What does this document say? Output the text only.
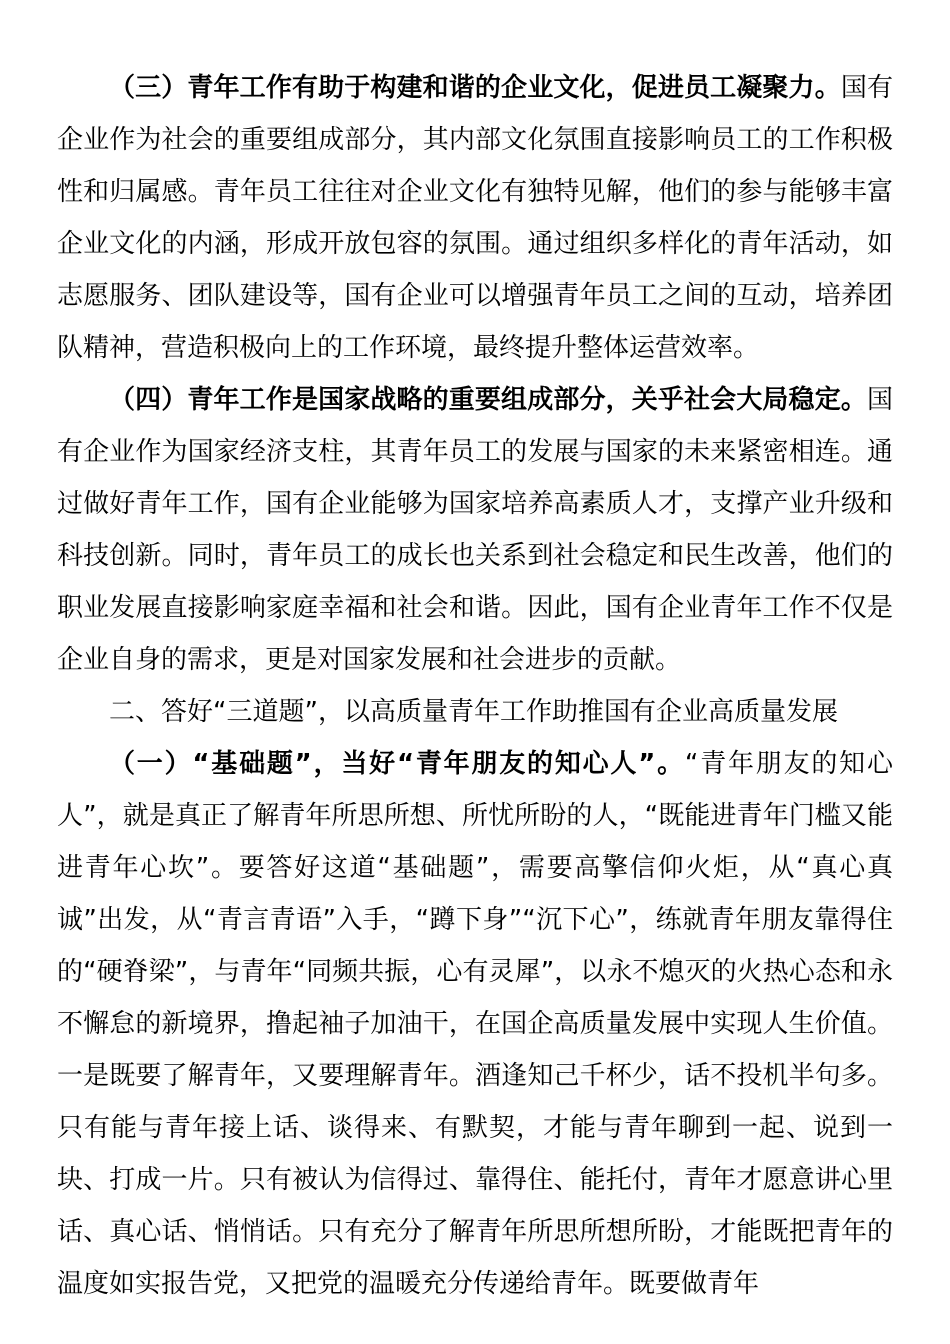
（三）青年工作有助于构建和谐的企业文化，促进员工凝聚力。国有企业作为社会的重要组成部分，其内部文化氛围直接影响员工的工作积极性和归属感。青年员工往往对企业文化有独特见解，他们的参与能够丰富企业文化的内涵，形成开放包容的氛围。通过组织多样化的青年活动，如志愿服务、团队建设等，国有企业可以增强青年员工之间的互动，培养团队精神，营造积极向上的工作环境，最终提升整体运营效率。

（四）青年工作是国家战略的重要组成部分，关乎社会大局稳定。国有企业作为国家经济支柱，其青年员工的发展与国家的未来紧密相连。通过做好青年工作，国有企业能够为国家培养高素质人才，支撑产业升级和科技创新。同时，青年员工的成长也关系到社会稳定和民生改善，他们的职业发展直接影响家庭幸福和社会和谐。因此，国有企业青年工作不仅是企业自身的需求，更是对国家发展和社会进步的贡献。

二、答好“三道题”，以高质量青年工作助推国有企业高质量发展

（一）“基础题”，当好“青年朋友的知心人”。“青年朋友的知心人”，就是真正了解青年所思所想、所忧所盼的人，“既能进青年门槛又能进青年心坎”。要答好这道“基础题”，需要高擎信仰火炬，从“真心真诚”出发，从“青言青语”入手，“蹲下身”“沉下心”，练就青年朋友靠得住的“硬脊梁”，与青年“同频共振，心有灵犀”，以永不熄灭的火热心态和永不懈怠的新境界，撸起袖子加油干，在国企高质量发展中实现人生价值。一是既要了解青年，又要理解青年。酒逢知己千杯少，话不投机半句多。只有能与青年接上话、谈得来、有默契，才能与青年聊到一起、说到一块、打成一片。只有被认为信得过、靠得住、能托付，青年才愿意讲心里话、真心话、悄悄话。只有充分了解青年所思所想所盼，才能既把青年的温度如实报告党，又把党的温暖充分传递给青年。既要做青年
